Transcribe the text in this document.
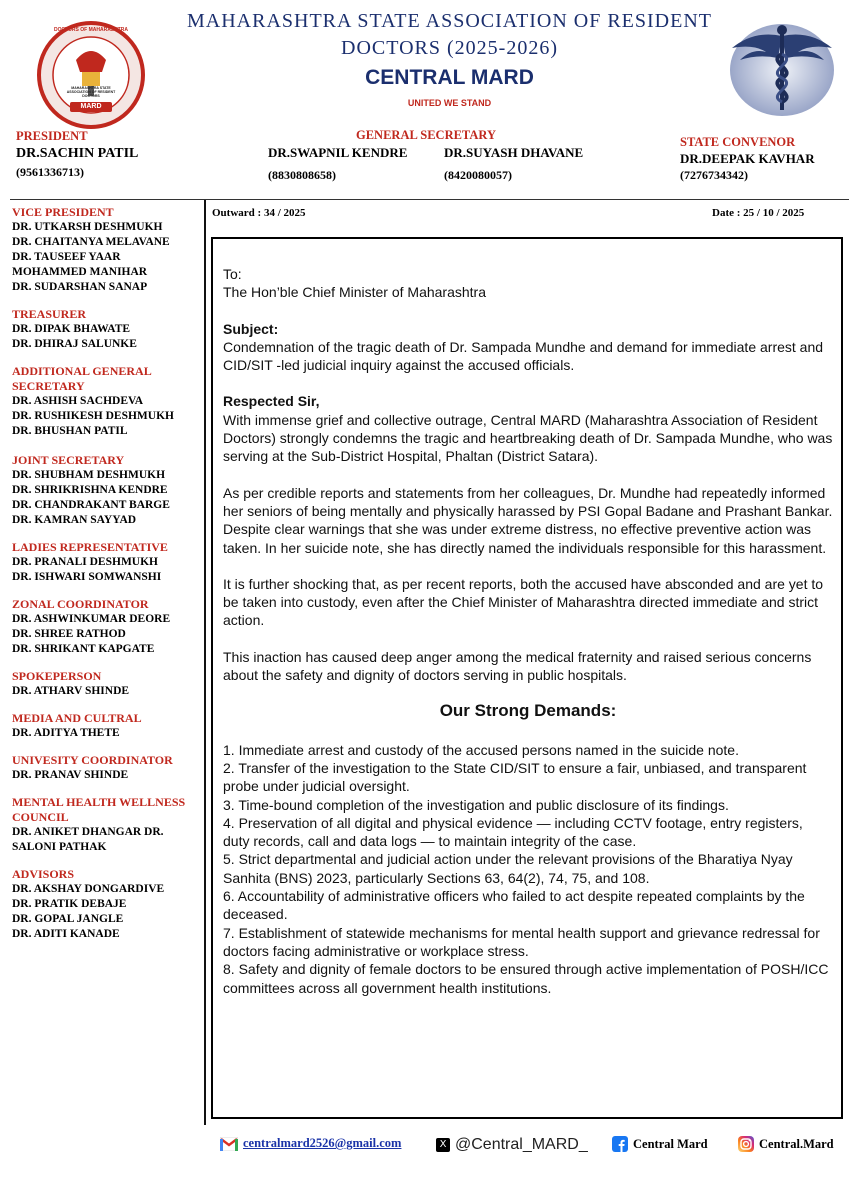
DOCTORS OF MAHARASHTRA
MAHARASHTRA STATE ASSOCIATION OF RESIDENT DOCTORS
MARD
MAHARASHTRA STATE ASSOCIATION OF RESIDENT
DOCTORS (2025-2026)
CENTRAL MARD
UNITED WE STAND
PRESIDENT
DR.SACHIN PATIL
(9561336713)
GENERAL SECRETARY
DR.SWAPNIL KENDRE
(8830808658)
DR.SUYASH DHAVANE
(8420080057)
STATE CONVENOR
DR.DEEPAK KAVHAR
(7276734342)
Outward : 34 / 2025	Date : 25 / 10 / 2025
VICE PRESIDENT
DR. UTKARSH DESHMUKH
DR. CHAITANYA MELAVANE
DR. TAUSEEF YAAR
MOHAMMED MANIHAR
DR. SUDARSHAN SANAP
TREASURER
DR. DIPAK BHAWATE
DR. DHIRAJ SALUNKE
ADDITIONAL GENERAL SECRETARY
DR. ASHISH SACHDEVA
DR. RUSHIKESH DESHMUKH
DR. BHUSHAN PATIL
JOINT SECRETARY
DR. SHUBHAM DESHMUKH
DR. SHRIKRISHNA KENDRE
DR. CHANDRAKANT BARGE
DR. KAMRAN SAYYAD
LADIES REPRESENTATIVE
DR. PRANALI DESHMUKH
DR. ISHWARI SOMWANSHI
ZONAL COORDINATOR
DR. ASHWINKUMAR DEORE
DR. SHREE RATHOD
DR. SHRIKANT KAPGATE
SPOKEPERSON
DR. ATHARV SHINDE
MEDIA AND CULTRAL
DR. ADITYA THETE
UNIVESITY COORDINATOR
DR. PRANAV SHINDE
MENTAL HEALTH WELLNESS COUNCIL
DR. ANIKET DHANGAR DR. SALONI PATHAK
ADVISORS
DR. AKSHAY DONGARDIVE
DR. PRATIK DEBAJE
DR. GOPAL JANGLE
DR. ADITI KANADE
To:

The Hon’ble Chief Minister of Maharashtra

Subject:

Condemnation of the tragic death of Dr. Sampada Mundhe and demand for immediate arrest and CID/SIT -led judicial inquiry against the accused officials.

Respected Sir,

With immense grief and collective outrage, Central MARD (Maharashtra Association of Resident Doctors) strongly condemns the tragic and heartbreaking death of Dr. Sampada Mundhe, who was serving at the Sub-District Hospital, Phaltan (District Satara).

As per credible reports and statements from her colleagues, Dr. Mundhe had repeatedly informed her seniors of being mentally and physically harassed by PSI Gopal Badane and Prashant Bankar. Despite clear warnings that she was under extreme distress, no effective preventive action was taken. In her suicide note, she has directly named the individuals responsible for this harassment.

It is further shocking that, as per recent reports, both the accused have absconded and are yet to be taken into custody, even after the Chief Minister of Maharashtra directed immediate and strict action.

This inaction has caused deep anger among the medical fraternity and raised serious concerns about the safety and dignity of doctors serving in public hospitals.

Our Strong Demands:
1. Immediate arrest and custody of the accused persons named in the suicide note.
2. Transfer of the investigation to the State CID/SIT to ensure a fair, unbiased, and transparent probe under judicial oversight.
3. Time-bound completion of the investigation and public disclosure of its findings.
4. Preservation of all digital and physical evidence — including CCTV footage, entry registers, duty records, call and data logs — to maintain integrity of the case.
5. Strict departmental and judicial action under the relevant provisions of the Bharatiya Nyay Sanhita (BNS) 2023, particularly Sections 63, 64(2), 74, 75, and 108.
6. Accountability of administrative officers who failed to act despite repeated complaints by the deceased.
7. Establishment of statewide mechanisms for mental health support and grievance redressal for doctors facing administrative or workplace stress.
8. Safety and dignity of female doctors to be ensured through active implementation of POSH/ICC committees across all government health institutions.
centralmard2526@gmail.com	X @Central_MARD_	Central Mard	Central.Mard
